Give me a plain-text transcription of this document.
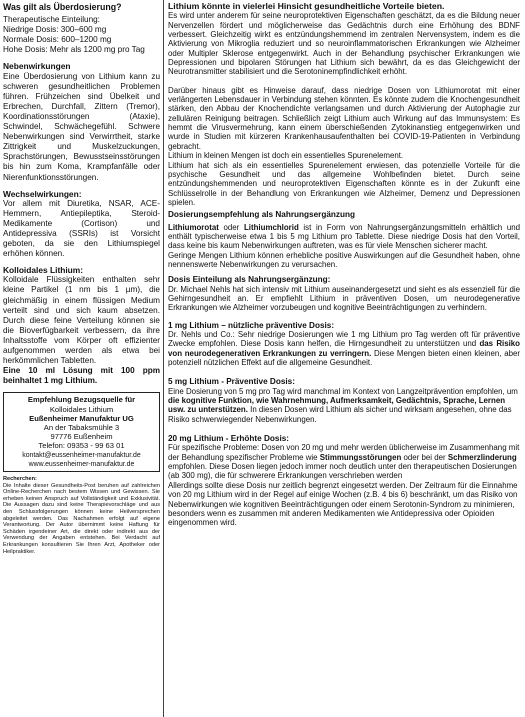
Was gilt als Überdosierung?

Therapeutische Einteilung:

Niedrige Dosis: 300–600 mg

Normale Dosis: 600–1200 mg

Hohe Dosis: Mehr als 1200 mg pro Tag

Nebenwirkungen

Eine Überdosierung von Lithium kann zu schweren gesundheitlichen Problemen führen. Frühzeichen sind Übelkeit und Erbrechen, Durchfall, Zittern (Tremor), Koordinationsstörungen (Ataxie), Schwindel, Schwächegefühl. Schwere Nebenwirkungen sind Verwirrtheit, starke Zittrigkeit und Muskelzuckungen, Sprachstörungen, Bewusstseinsstörungen bis hin zum Koma, Krampfanfälle oder Nierenfunktionsstörungen.

Wechselwirkungen:

Vor allem mit Diuretika, NSAR, ACE-Hemmern, Antiepileptika, Steroid-Medikamente (Cortison) und Antidepressiva (SSRIs) ist Vorsicht geboten, da sie den Lithiumspiegel erhöhen können.

Kolloidales Lithium:

Kolloidale Flüssigkeiten enthalten sehr kleine Partikel (1 nm bis 1 µm), die gleichmäßig in einem flüssigen Medium verteilt sind und sich kaum absetzen. Durch diese feine Verteilung können sie die Bioverfügbarkeit verbessern, da ihre Inhaltsstoffe vom Körper oft effizienter aufgenommen werden als etwa bei herkömmlichen Tabletten.

Eine 10 ml Lösung mit 100 ppm beinhaltet 1 mg Lithium.

Empfehlung Bezugsquelle für

Kolloidales Lithium

Eußenheimer Manufaktur UG

An der Tabaksmühle 3

97776 Eußenheim

Telefon: 09353 - 99 63 01

kontakt@eussenheimer-manufaktur.de

www.eussenheimer-manufaktur.de

Recherchen:

Die Inhalte dieser Gesundheits-Post beruhen auf zahlreichen Online-Recherchen nach bestem Wissen und Gewissen. Sie erheben keinen Anspruch auf Vollständigkeit und Exklusivität. Die Aussagen dazu sind keine Therapievorschläge und aus den Schlussfolgerungen können keine Heilversprechen abgeleitet werden. Das Nachahmen erfolgt auf eigene Verantwortung. Der Autor übernimmt keine Haftung für Schäden irgendeiner Art, die direkt oder indirekt aus der Verwendung der Angaben entstehen. Bei Verdacht auf Erkrankungen konsultieren Sie Ihren Arzt, Apotheker oder Heilpraktiker.

Lithium könnte in vielerlei Hinsicht gesundheitliche Vorteile bieten.

Es wird unter anderem für seine neuroprotektiven Eigenschaften geschätzt, da es die Bildung neuer Nervenzellen fördert und möglicherweise das Gedächtnis durch eine Erhöhung des BDNF verbessert. Gleichzeitig wirkt es entzündungshemmend im zentralen Nervensystem, indem es die Aktivierung von Mikroglia reduziert und so neuroinflammatorischen Erkrankungen wie Alzheimer oder Multipler Sklerose entgegenwirkt. Auch in der Behandlung psychischer Erkrankungen wie Depressionen und bipolaren Störungen hat Lithium sich bewährt, da es das Gleichgewicht der Neurotransmitter stabilisiert und die Serotoninempfindlichkeit erhöht.

Darüber hinaus gibt es Hinweise darauf, dass niedrige Dosen von Lithiumorotat mit einer verlängerten Lebensdauer in Verbindung stehen könnten. Es könnte zudem die Knochengesundheit stärken, den Abbau der Knochendichte verlangsamen und durch Aktivierung der Autophagie zur zellulären Reinigung beitragen. Schließlich zeigt Lithium auch Wirkung auf das Immunsystem: Es hemmt die Virusvermehrung, kann einem überschießenden Zytokinanstieg entgegenwirken und wurde in Studien mit kürzeren Krankenhausaufenthalten bei COVID-19-Patienten in Verbindung gebracht.

Lithium in kleinen Mengen ist doch ein essentielles Spurenelement.

Lithium hat sich als ein essentielles Spurenelement erwiesen, das potenzielle Vorteile für die psychische Gesundheit und das allgemeine Wohlbefinden bietet. Durch seine entzündungshemmenden und neuroprotektiven Eigenschaften könnte es in der Zukunft eine Schlüsselrolle in der Behandlung von Erkrankungen wie Alzheimer, Demenz und Depressionen spielen.

Dosierungsempfehlung als Nahrungsergänzung

Lithiumorotat oder Lithiumchlorid ist in Form von Nahrungsergänzungsmitteln erhältlich und enthält typischerweise etwa 1 bis 5 mg Lithium pro Tablette. Diese niedrige Dosis hat den Vorteil, dass keine bis kaum Nebenwirkungen auftreten, was es für viele Menschen sicherer macht.

Geringe Mengen Lithium können erhebliche positive Auswirkungen auf die Gesundheit haben, ohne nennenswerte Nebenwirkungen zu verursachen.

Dosis Einteilung als Nahrungsergänzung:

Dr. Michael Nehls hat sich intensiv mit Lithium auseinandergesetzt und sieht es als essenziell für die Gehirngesundheit an. Er empfiehlt Lithium in präventiven Dosen, um neurodegenerative Erkrankungen wie Alzheimer vorzubeugen und kognitive Beeinträchtigungen zu verhindern.

1 mg Lithium – nützliche präventive Dosis:

Dr. Nehls und Co.: Sehr niedrige Dosierungen wie 1 mg Lithium pro Tag werden oft für präventive Zwecke empfohlen. Diese Dosis kann helfen, die Hirngesundheit zu unterstützen und das Risiko von neurodegenerativen Erkrankungen zu verringern. Diese Mengen bieten einen kleinen, aber potenziell nützlichen Effekt auf die allgemeine Gesundheit.

5 mg Lithium - Präventive Dosis:

Eine Dosierung von 5 mg pro Tag wird manchmal im Kontext von Langzeitprävention empfohlen, um die kognitive Funktion, wie Wahrnehmung, Aufmerksamkeit, Gedächtnis, Sprache, Lernen usw. zu unterstützen. In diesen Dosen wird Lithium als sicher und wirksam angesehen, ohne das Risiko schwerwiegender Nebenwirkungen.

20 mg Lithium - Erhöhte Dosis:

Für spezifische Probleme: Dosen von 20 mg und mehr werden üblicherweise im Zusammenhang mit der Behandlung spezifischer Probleme wie Stimmungsstörungen oder bei der Schmerzlinderung empfohlen. Diese Dosen liegen jedoch immer noch deutlich unter den therapeutischen Dosierungen (ab 300 mg), die für schwerere Erkrankungen verschrieben werden

Allerdings sollte diese Dosis nur zeitlich begrenzt eingesetzt werden. Der Zeitraum für die Einnahme von 20 mg Lithium wird in der Regel auf einige Wochen (z.B. 4 bis 6) beschränkt, um das Risiko von Nebenwirkungen wie kognitiven Beeinträchtigungen oder einem Serotonin-Syndrom zu minimieren, besonders wenn es zusammen mit anderen Medikamenten wie Antidepressiva oder Opioiden eingenommen wird.
